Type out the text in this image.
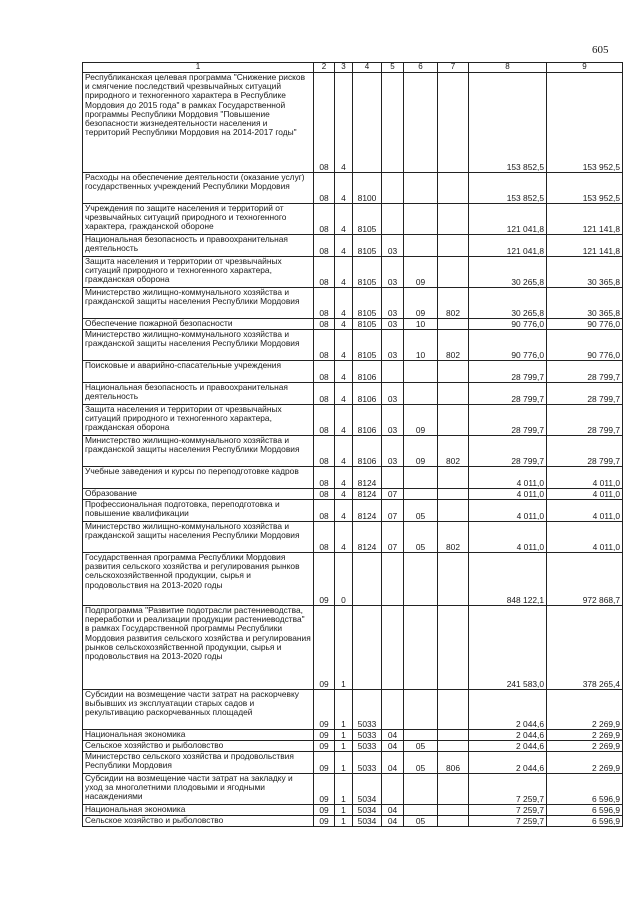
605
1	2	3	4	5	6	7	8	9
Республиканская целевая программа "Снижение рисков и смягчение последствий чрезвычайных ситуаций природного и техногенного характера в Республике Мордовия до 2015 года" в рамках Государственной программы Республики Мордовия "Повышение безопасности жизнедеятельности населения и территорий Республики Мордовия на 2014-2017 годы"	08	4					153 852,5	153 952,5
Расходы на обеспечение деятельности (оказание услуг) государственных учреждений Республики Мордовия	08	4	8100				153 852,5	153 952,5
Учреждения по защите населения и территорий от чрезвычайных ситуаций природного и техногенного характера, гражданской обороне	08	4	8105				121 041,8	121 141,8
Национальная безопасность и правоохранительная деятельность	08	4	8105	03			121 041,8	121 141,8
Защита населения и территории от чрезвычайных ситуаций природного и техногенного характера, гражданская оборона	08	4	8105	03	09		30 265,8	30 365,8
Министерство жилищно-коммунального хозяйства и гражданской защиты населения Республики Мордовия	08	4	8105	03	09	802	30 265,8	30 365,8
Обеспечение пожарной безопасности	08	4	8105	03	10		90 776,0	90 776,0
Министерство жилищно-коммунального хозяйства и гражданской защиты населения Республики Мордовия	08	4	8105	03	10	802	90 776,0	90 776,0
Поисковые и аварийно-спасательные учреждения	08	4	8106				28 799,7	28 799,7
Национальная безопасность и правоохранительная деятельность	08	4	8106	03			28 799,7	28 799,7
Защита населения и территории от чрезвычайных ситуаций природного и техногенного характера, гражданская оборона	08	4	8106	03	09		28 799,7	28 799,7
Министерство жилищно-коммунального хозяйства и гражданской защиты населения Республики Мордовия	08	4	8106	03	09	802	28 799,7	28 799,7
Учебные заведения и курсы по переподготовке кадров	08	4	8124				4 011,0	4 011,0
Образование	08	4	8124	07			4 011,0	4 011,0
Профессиональная подготовка, переподготовка и повышение квалификации	08	4	8124	07	05		4 011,0	4 011,0
Министерство жилищно-коммунального хозяйства и гражданской защиты населения Республики Мордовия	08	4	8124	07	05	802	4 011,0	4 011,0
Государственная программа Республики Мордовия развития сельского хозяйства и регулирования рынков сельскохозяйственной продукции, сырья и продовольствия на 2013-2020 годы	09	0					848 122,1	972 868,7
Подпрограмма "Развитие подотрасли растениеводства, переработки и реализации продукции растениеводства" в рамках Государственной программы Республики Мордовия развития сельского хозяйства и регулирования рынков сельскохозяйственной продукции, сырья и продовольствия на 2013-2020 годы	09	1					241 583,0	378 265,4
Субсидии на возмещение части затрат на раскорчевку выбывших из эксплуатации старых садов и рекультивацию раскорчеванных площадей	09	1	5033				2 044,6	2 269,9
Национальная экономика	09	1	5033	04			2 044,6	2 269,9
Сельское хозяйство и рыболовство	09	1	5033	04	05		2 044,6	2 269,9
Министерство сельского хозяйства и продовольствия Республики Мордовия	09	1	5033	04	05	806	2 044,6	2 269,9
Субсидии на возмещение части затрат на закладку и уход за многолетними плодовыми и ягодными насаждениями	09	1	5034				7 259,7	6 596,9
Национальная экономика	09	1	5034	04			7 259,7	6 596,9
Сельское хозяйство и рыболовство	09	1	5034	04	05		7 259,7	6 596,9
